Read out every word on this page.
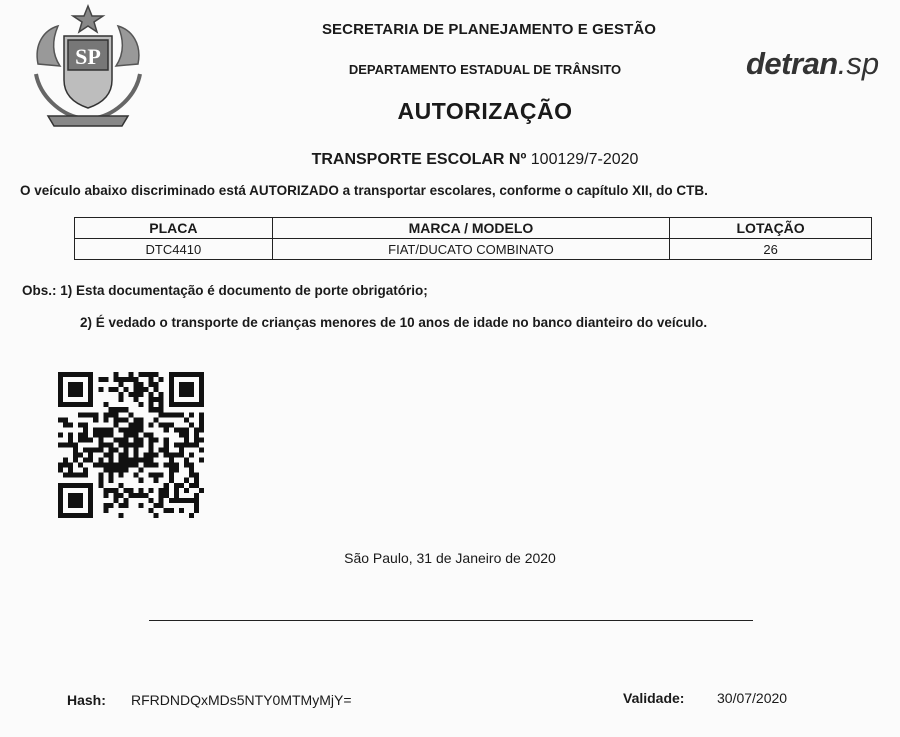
SP
SECRETARIA DE PLANEJAMENTO E GESTÃO
DEPARTAMENTO ESTADUAL DE TRÂNSITO
AUTORIZAÇÃO
detran.sp
TRANSPORTE ESCOLAR Nº 100129/7-2020
O veículo abaixo discriminado está AUTORIZADO a transportar escolares, conforme o capítulo XII, do CTB.
PLACA	MARCA / MODELO	LOTAÇÃO
DTC4410	FIAT/DUCATO COMBINATO	26
Obs.: 1) Esta documentação é documento de porte obrigatório;
2) É vedado o transporte de crianças menores de 10 anos de idade no banco dianteiro do veículo.
São Paulo, 31 de Janeiro de 2020
Hash: RFRDNDQxMDs5NTY0MTMyMjY=	Validade: 30/07/2020
